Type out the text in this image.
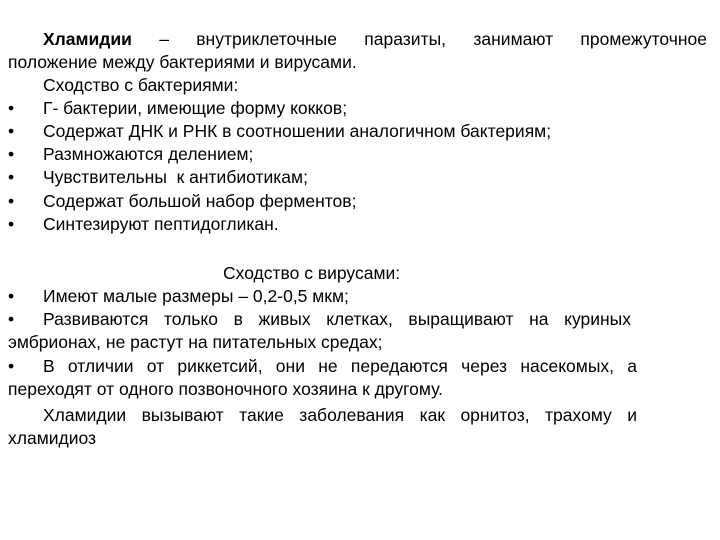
Хламидии – внутриклеточные паразиты, занимают промежуточное
положение между бактериями и вирусами.
Сходство с бактериями:
• Г- бактерии, имеющие форму кокков;
• Содержат ДНК и РНК в соотношении аналогичном бактериям;
• Размножаются делением;
• Чувствительны  к антибиотикам;
• Содержат большой набор ферментов;
• Синтезируют пептидогликан.
Сходство с вирусами:
• Имеют малые размеры – 0,2-0,5 мкм;
• Развиваются только в живых клетках, выращивают на куриных
эмбрионах, не растут на питательных средах;
• В отличии от риккетсий, они не передаются через насекомых, а
переходят от одного позвоночного хозяина к другому.
Хламидии вызывают такие заболевания как орнитоз, трахому и
хламидиоз
